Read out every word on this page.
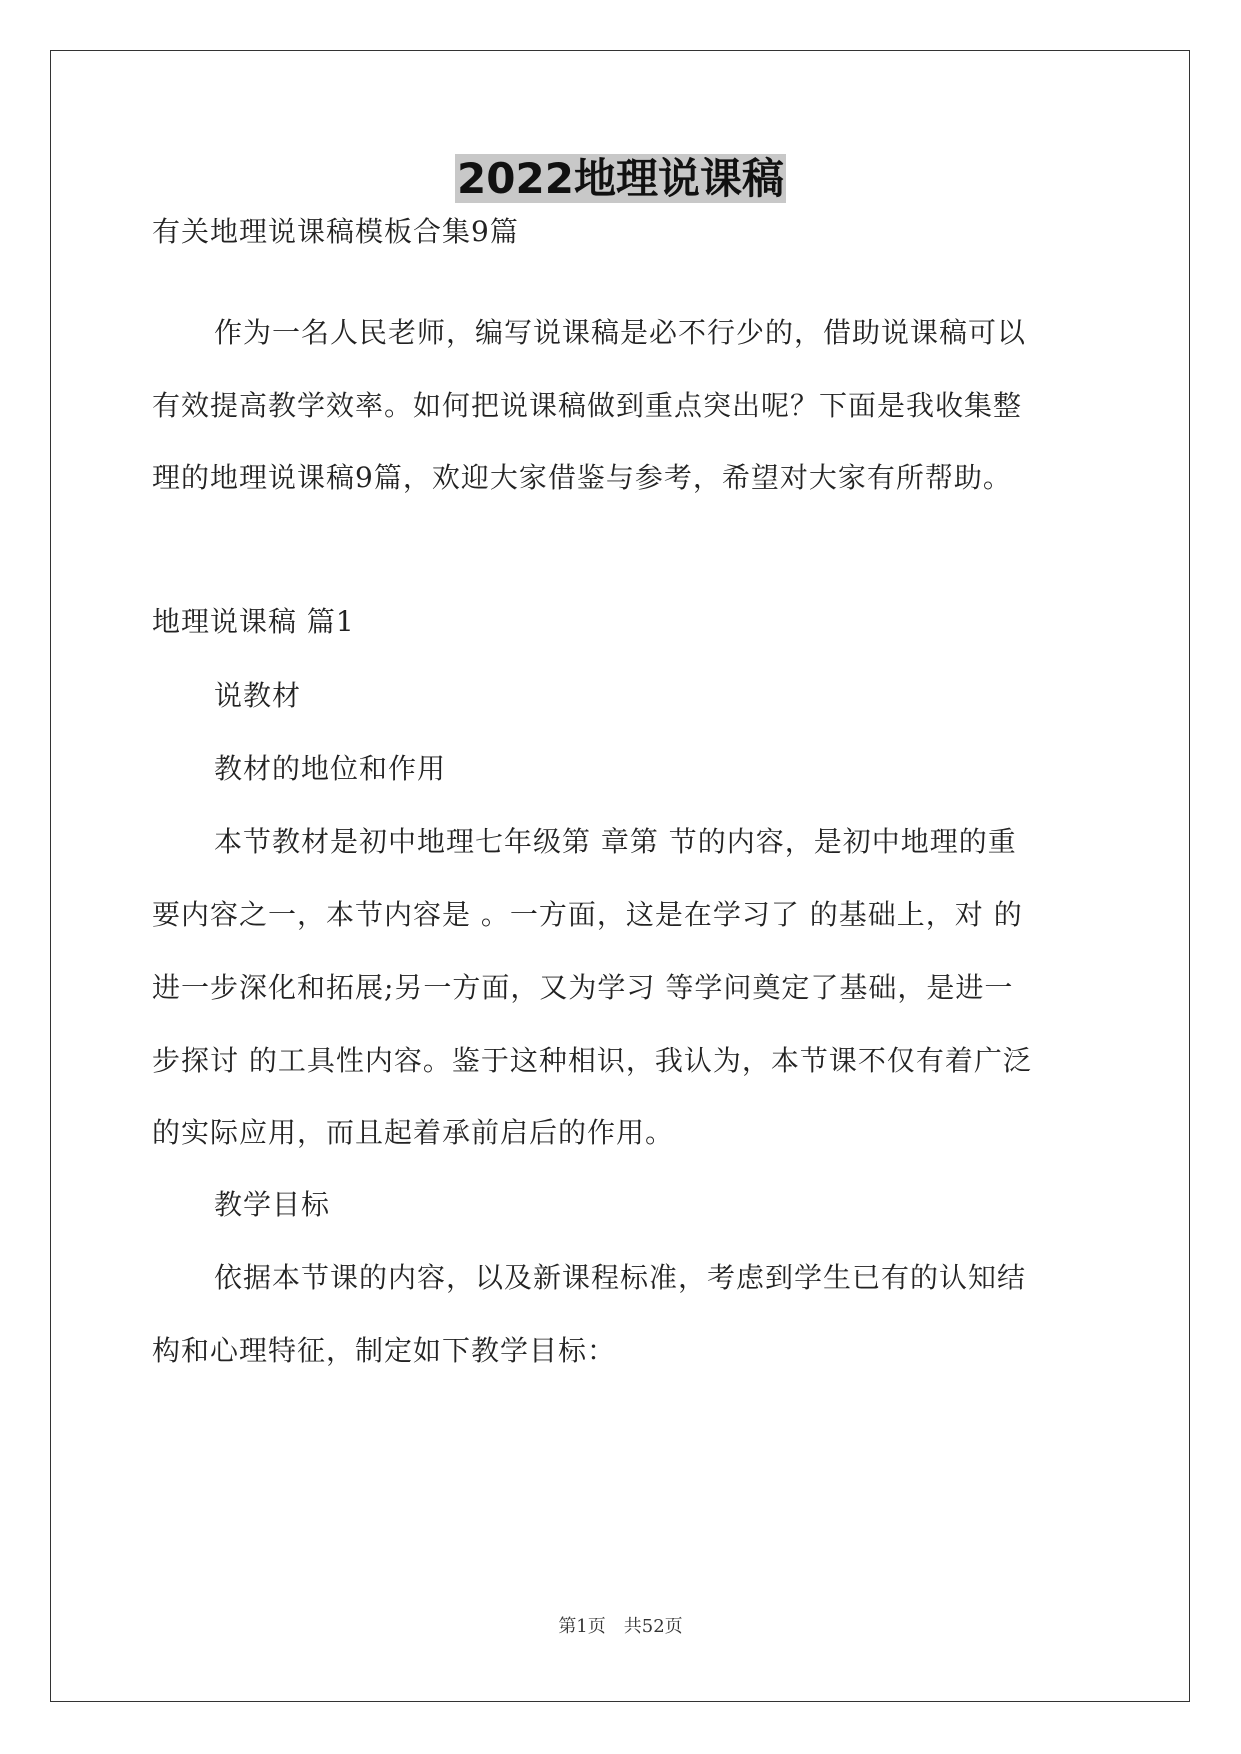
2022地理说课稿
有关地理说课稿模板合集9篇
作为一名人民老师，编写说课稿是必不行少的，借助说课稿可以
有效提高教学效率。如何把说课稿做到重点突出呢？下面是我收集整
理的地理说课稿9篇，欢迎大家借鉴与参考，希望对大家有所帮助。
地理说课稿 篇1
说教材
教材的地位和作用
本节教材是初中地理七年级第 章第 节的内容，是初中地理的重
要内容之一，本节内容是 。一方面，这是在学习了 的基础上，对 的
进一步深化和拓展;另一方面，又为学习 等学问奠定了基础，是进一
步探讨 的工具性内容。鉴于这种相识，我认为，本节课不仅有着广泛
的实际应用，而且起着承前启后的作用。
教学目标
依据本节课的内容，以及新课程标准，考虑到学生已有的认知结
构和心理特征，制定如下教学目标：
第1页　共52页
